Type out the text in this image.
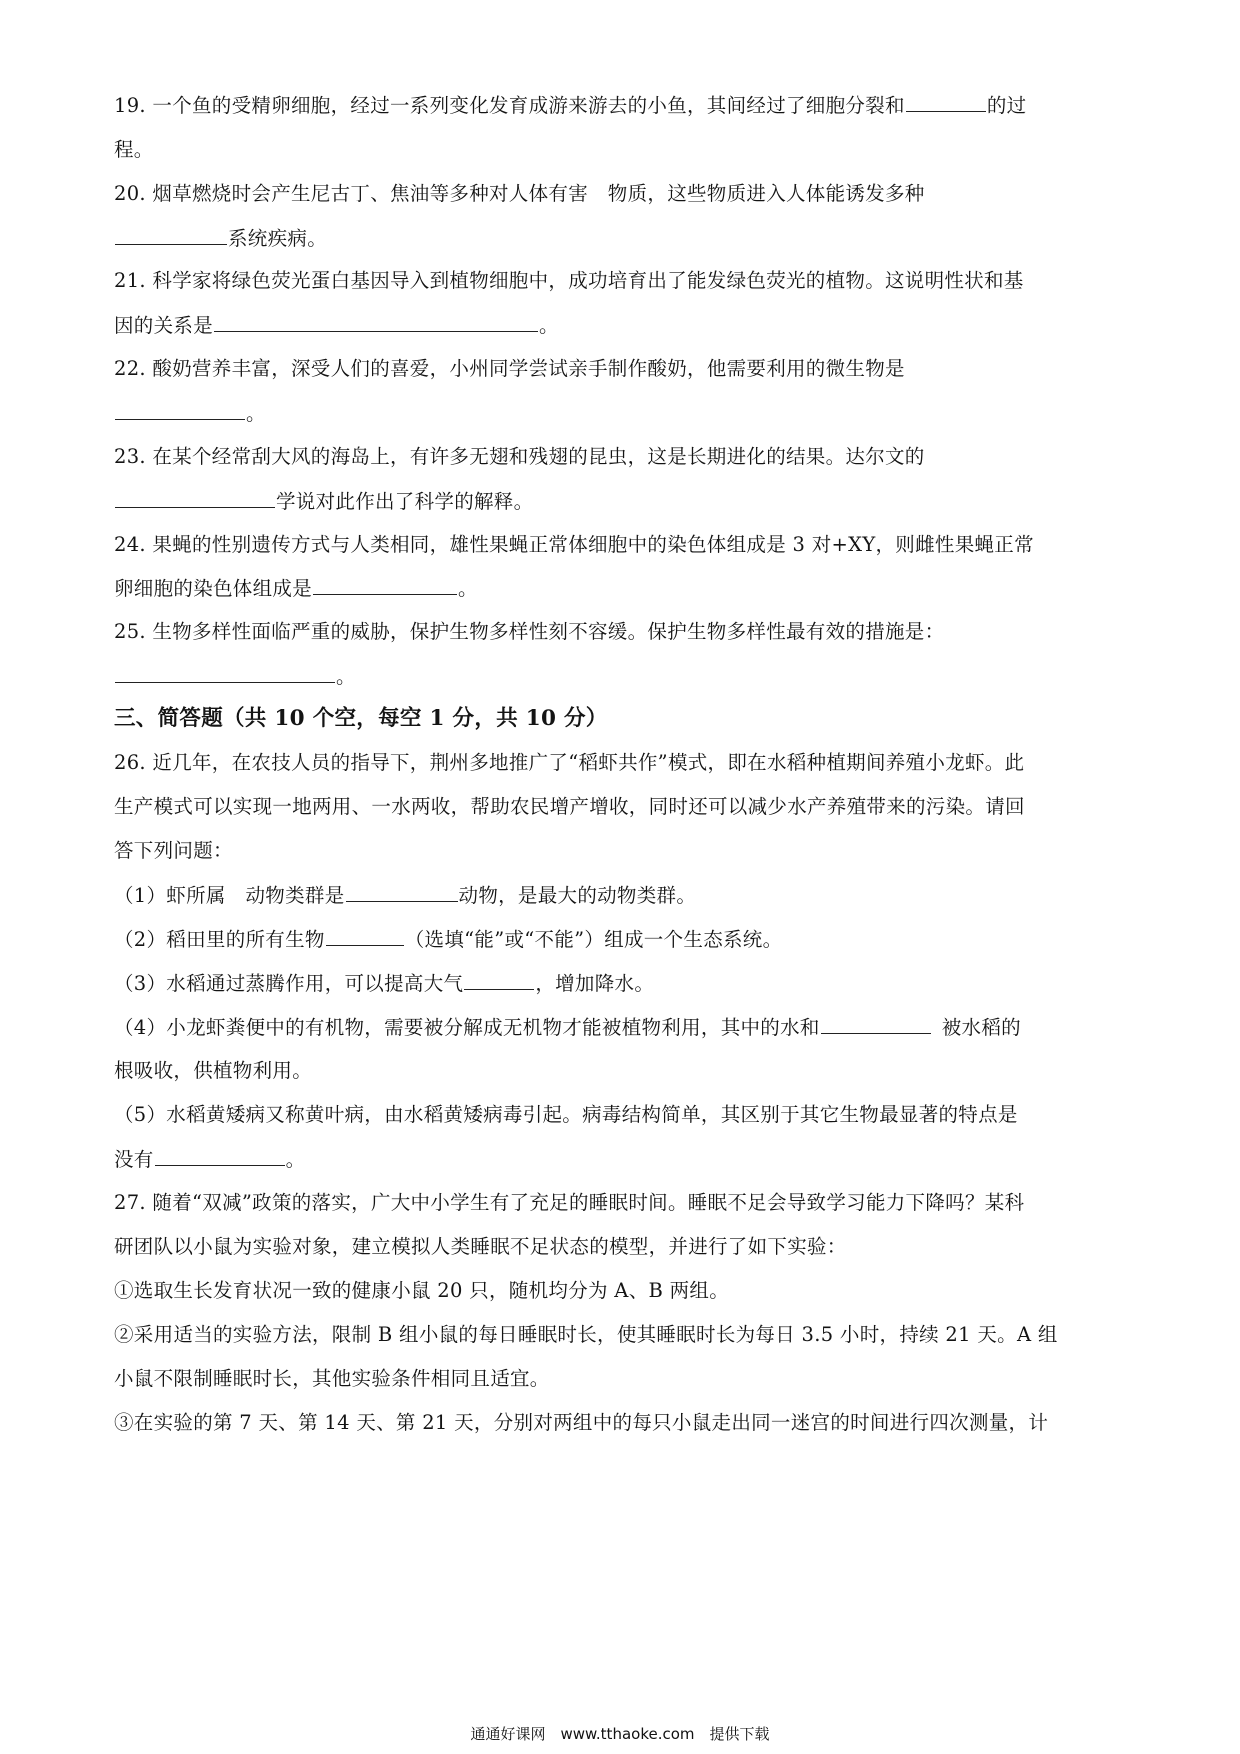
19. 一个鱼的受精卵细胞，经过一系列变化发育成游来游去的小鱼，其间经过了细胞分裂和	的过
程。
20. 烟草燃烧时会产生尼古丁、焦油等多种对人体有害　物质，这些物质进入人体能诱发多种
系统疾病。
21. 科学家将绿色荧光蛋白基因导入到植物细胞中，成功培育出了能发绿色荧光的植物。这说明性状和基
因的关系是	。
22. 酸奶营养丰富，深受人们的喜爱，小州同学尝试亲手制作酸奶，他需要利用的微生物是
。
23. 在某个经常刮大风的海岛上，有许多无翅和残翅的昆虫，这是长期进化的结果。达尔文的
学说对此作出了科学的解释。
24. 果蝇的性别遗传方式与人类相同，雄性果蝇正常体细胞中的染色体组成是 3 对+XY，则雌性果蝇正常
卵细胞的染色体组成是	。
25. 生物多样性面临严重的威胁，保护生物多样性刻不容缓。保护生物多样性最有效的措施是：
。
三、简答题（共 10 个空，每空 1 分，共 10 分）
26. 近几年，在农技人员的指导下，荆州多地推广了“稻虾共作”模式，即在水稻种植期间养殖小龙虾。此
生产模式可以实现一地两用、一水两收，帮助农民增产增收，同时还可以减少水产养殖带来的污染。请回
答下列问题：
（1）虾所属　动物类群是	动物，是最大的动物类群。
（2）稻田里的所有生物	（选填“能”或“不能”）组成一个生态系统。
（3）水稻通过蒸腾作用，可以提高大气	，增加降水。
（4）小龙虾粪便中的有机物，需要被分解成无机物才能被植物利用，其中的水和	被水稻的
根吸收，供植物利用。
（5）水稻黄矮病又称黄叶病，由水稻黄矮病毒引起。病毒结构简单，其区别于其它生物最显著的特点是
没有	。
27. 随着“双减”政策的落实，广大中小学生有了充足的睡眠时间。睡眠不足会导致学习能力下降吗？某科
研团队以小鼠为实验对象，建立模拟人类睡眠不足状态的模型，并进行了如下实验：
①选取生长发育状况一致的健康小鼠 20 只，随机均分为 A、B 两组。
②采用适当的实验方法，限制 B 组小鼠的每日睡眠时长，使其睡眠时长为每日 3.5 小时，持续 21 天。A 组
小鼠不限制睡眠时长，其他实验条件相同且适宜。
③在实验的第 7 天、第 14 天、第 21 天，分别对两组中的每只小鼠走出同一迷宫的时间进行四次测量，计
通通好课网　www.tthaoke.com　提供下载
